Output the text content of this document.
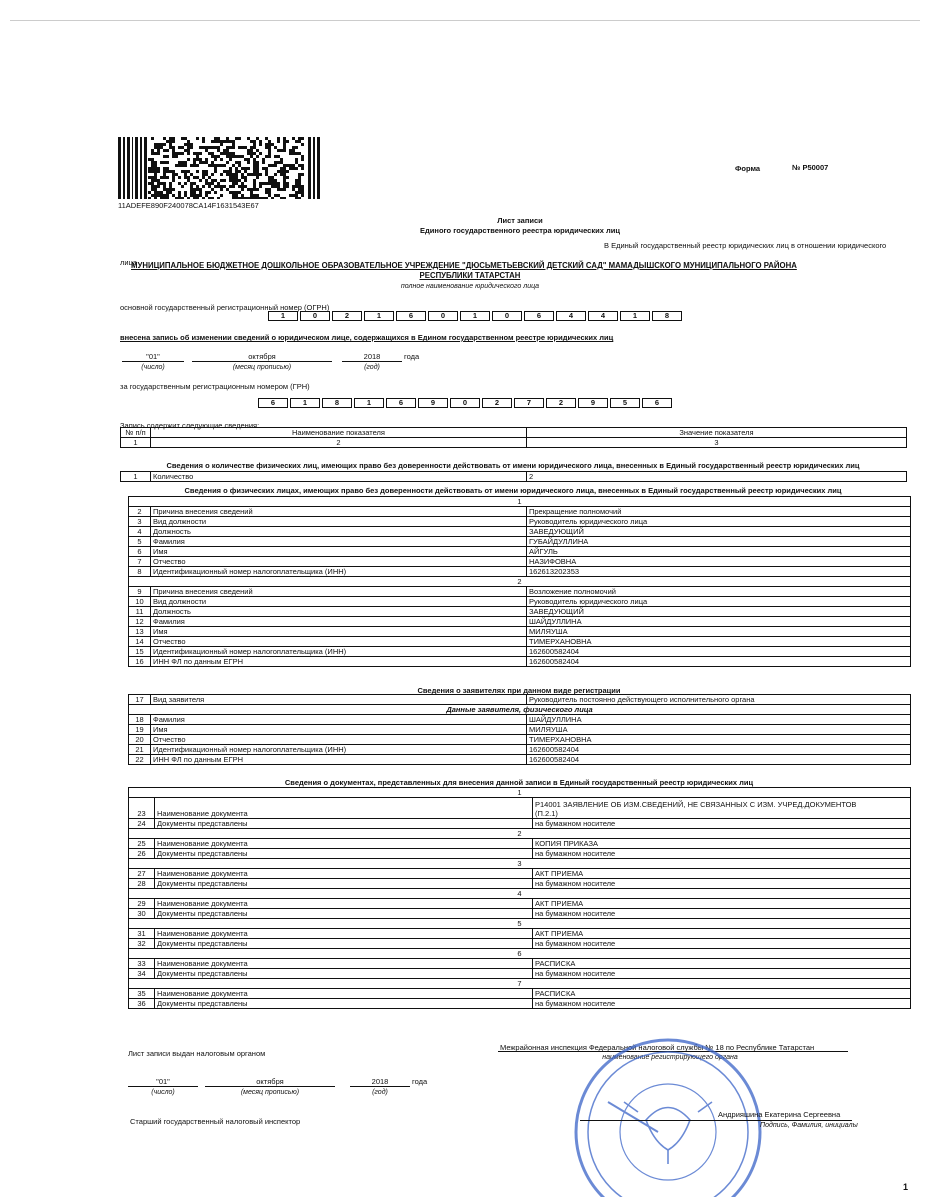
11ADEFE890F240078CA14F1631543E67
Форма	№ Р50007
Лист записи
Единого государственного реестра юридических лиц
В Единый государственный реестр юридических лиц в отношении юридического
лица
МУНИЦИПАЛЬНОЕ БЮДЖЕТНОЕ ДОШКОЛЬНОЕ ОБРАЗОВАТЕЛЬНОЕ УЧРЕЖДЕНИЕ "ДЮСЬМЕТЬЕВСКИЙ ДЕТСКИЙ САД" МАМАДЫШСКОГО МУНИЦИПАЛЬНОГО РАЙОНА
РЕСПУБЛИКИ ТАТАРСТАН
полное наименование юридического лица
основной государственный регистрационный номер (ОГРН)
1	0	2	1	6	0	1	0	6	4	4	1	8
внесена запись об изменении сведений о юридическом лице, содержащихся в Едином государственном реестре юридических лиц
"01"	октября	2018	года
(число)	(месяц прописью)	(год)
за государственным регистрационным номером (ГРН)
6	1	8	1	6	9	0	2	7	2	9	5	6
Запись содержит следующие сведения:
№ п/п	Наименование показателя	Значение показателя
1	2	3
Сведения о количестве физических лиц, имеющих право без доверенности действовать от имени юридического лица, внесенных в Единый государственный реестр юридических лиц
1	Количество	2
Сведения о физических лицах, имеющих право без доверенности действовать от имени юридического лица, внесенных в Единый государственный реестр юридических лиц
1		
2	Причина внесения сведений	Прекращение полномочий
3	Вид должности	Руководитель юридического лица
4	Должность	ЗАВЕДУЮЩИЙ
5	Фамилия	ГУБАЙДУЛЛИНА
6	Имя	АЙГУЛЬ
7	Отчество	НАЗИФОВНА
8	Идентификационный номер налогоплательщика (ИНН)	162613202353
2		
9	Причина внесения сведений	Возложение полномочий
10	Вид должности	Руководитель юридического лица
11	Должность	ЗАВЕДУЮЩИЙ
12	Фамилия	ШАЙДУЛЛИНА
13	Имя	МИЛЯУША
14	Отчество	ТИМЕРХАНОВНА
15	Идентификационный номер налогоплательщика (ИНН)	162600582404
16	ИНН ФЛ по данным ЕГРН	162600582404
Сведения о заявителях при данном виде регистрации
17	Вид заявителя	Руководитель постоянно действующего исполнительного органа
Данные заявителя, физического лица		
18	Фамилия	ШАЙДУЛЛИНА
19	Имя	МИЛЯУША
20	Отчество	ТИМЕРХАНОВНА
21	Идентификационный номер налогоплательщика (ИНН)	162600582404
22	ИНН ФЛ по данным ЕГРН	162600582404
Сведения о документах, представленных для внесения данной записи в Единый государственный реестр юридических лиц
1		
23	Наименование документа	Р14001 ЗАЯВЛЕНИЕ ОБ ИЗМ.СВЕДЕНИЙ, НЕ СВЯЗАННЫХ С ИЗМ. УЧРЕД.ДОКУМЕНТОВ
(П.2.1)

24	Документы представлены	на бумажном носителе
2		
25	Наименование документа	КОПИЯ ПРИКАЗА
26	Документы представлены	на бумажном носителе
3		
27	Наименование документа	АКТ ПРИЕМА
28	Документы представлены	на бумажном носителе
4		
29	Наименование документа	АКТ ПРИЕМА
30	Документы представлены	на бумажном носителе
5		
31	Наименование документа	АКТ ПРИЕМА
32	Документы представлены	на бумажном носителе
6		
33	Наименование документа	РАСПИСКА
34	Документы представлены	на бумажном носителе
7		
35	Наименование документа	РАСПИСКА
36	Документы представлены	на бумажном носителе
Лист записи выдан налоговым органом
Межрайонная инспекция Федеральной налоговой службы № 18 по Республике Татарстан
наименование регистрирующего органа
"01"	октября	2018	года
(число)	(месяц прописью)	(год)
Старший государственный налоговый инспектор
Андрияшина Екатерина Сергеевна
Подпись, Фамилия, инициалы
1
